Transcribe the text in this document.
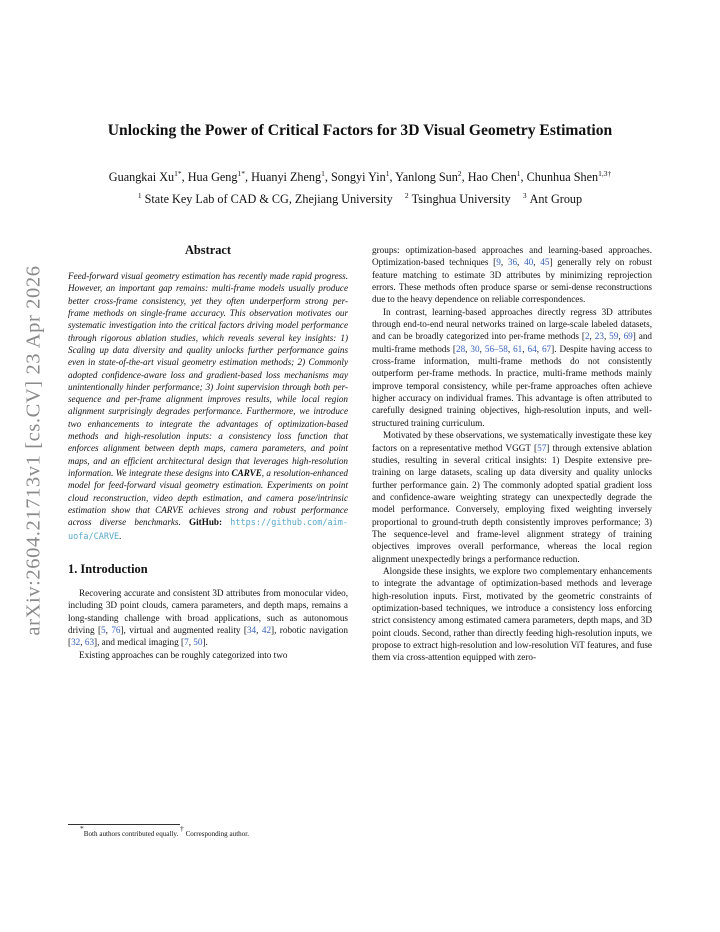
arXiv:2604.21713v1 [cs.CV] 23 Apr 2026
Unlocking the Power of Critical Factors for 3D Visual Geometry Estimation

Guangkai $Xu^{1*}$, Hua Geng$^{1*}$, Huanyi Zheng$^1$, Songyi Yin$^1$, Yanlong Sun$^2$, Hao Chen$^1$, Chunhua Shen$^{1,3\dagger}$

$^1$ State Key Lab of CAD & CG, Zhejiang University $^2$ Tsinghua University $^3$ Ant Group

Abstract

Feed-forward visual geometry estimation has recently made rapid progress. However, an important gap remains: multi-frame models usually produce better cross-frame consistency, yet they often underperform strong per-frame methods on single-frame accuracy. This observation motivates our systematic investigation into the critical factors driving model performance through rigorous ablation studies, which reveals several key insights: 1) Scaling up data diversity and quality unlocks further performance gains even in state-of-the-art visual geometry estimation methods; 2) Commonly adopted confidence-aware loss and gradient-based loss mechanisms may unintentionally hinder performance; 3) Joint supervision through both per-sequence and per-frame alignment improves results, while local region alignment surprisingly degrades performance. Furthermore, we introduce two enhancements to integrate the advantages of optimization-based methods and high-resolution inputs: a consistency loss function that enforces alignment between depth maps, camera parameters, and point maps, and an efficient architectural design that leverages high-resolution information. We integrate these designs into CARVE, a resolution-enhanced model for feed-forward visual geometry estimation. Experiments on point cloud reconstruction, video depth estimation, and camera pose/intrinsic estimation show that CARVE achieves strong and robust performance across diverse benchmarks. GitHub: https://github.com/aim-uofa/CARVE.

1. Introduction

Recovering accurate and consistent 3D attributes from monocular video, including 3D point clouds, camera parameters, and depth maps, remains a long-standing challenge with broad applications, such as autonomous driving [5, 76], virtual and augmented reality [34, 42], robotic navigation [32, 63], and medical imaging [7, 50].

Existing approaches can be roughly categorized into two

groups: optimization-based approaches and learning-based approaches. Optimization-based techniques [9, 36, 40, 45] generally rely on robust feature matching to estimate 3D attributes by minimizing reprojection errors. These methods often produce sparse or semi-dense reconstructions due to the heavy dependence on reliable correspondences.

In contrast, learning-based approaches directly regress 3D attributes through end-to-end neural networks trained on large-scale labeled datasets, and can be broadly categorized into per-frame methods [2, 23, 59, 69] and multi-frame methods [28, 30, 56–58, 61, 64, 67]. Despite having access to cross-frame information, multi-frame methods do not consistently outperform per-frame methods. In practice, multi-frame methods mainly improve temporal consistency, while per-frame approaches often achieve higher accuracy on individual frames. This advantage is often attributed to carefully designed training objectives, high-resolution inputs, and well-structured training curriculum.

Motivated by these observations, we systematically investigate these key factors on a representative method VGGT [57] through extensive ablation studies, resulting in several critical insights: 1) Despite extensive pre-training on large datasets, scaling up data diversity and quality unlocks further performance gain. 2) The commonly adopted spatial gradient loss and confidence-aware weighting strategy can unexpectedly degrade the model performance. Conversely, employing fixed weighting inversely proportional to ground-truth depth consistently improves performance; 3) The sequence-level and frame-level alignment strategy of training objectives improves overall performance, whereas the local region alignment unexpectedly brings a performance reduction.

Alongside these insights, we explore two complementary enhancements to integrate the advantage of optimization-based methods and leverage high-resolution inputs. First, motivated by the geometric constraints of optimization-based techniques, we introduce a consistency loss enforcing strict consistency among estimated camera parameters, depth maps, and 3D point clouds. Second, rather than directly feeding high-resolution inputs, we propose to extract high-resolution and low-resolution ViT features, and fuse them via cross-attention equipped with zero-

*Both authors contributed equally. † Corresponding author.
